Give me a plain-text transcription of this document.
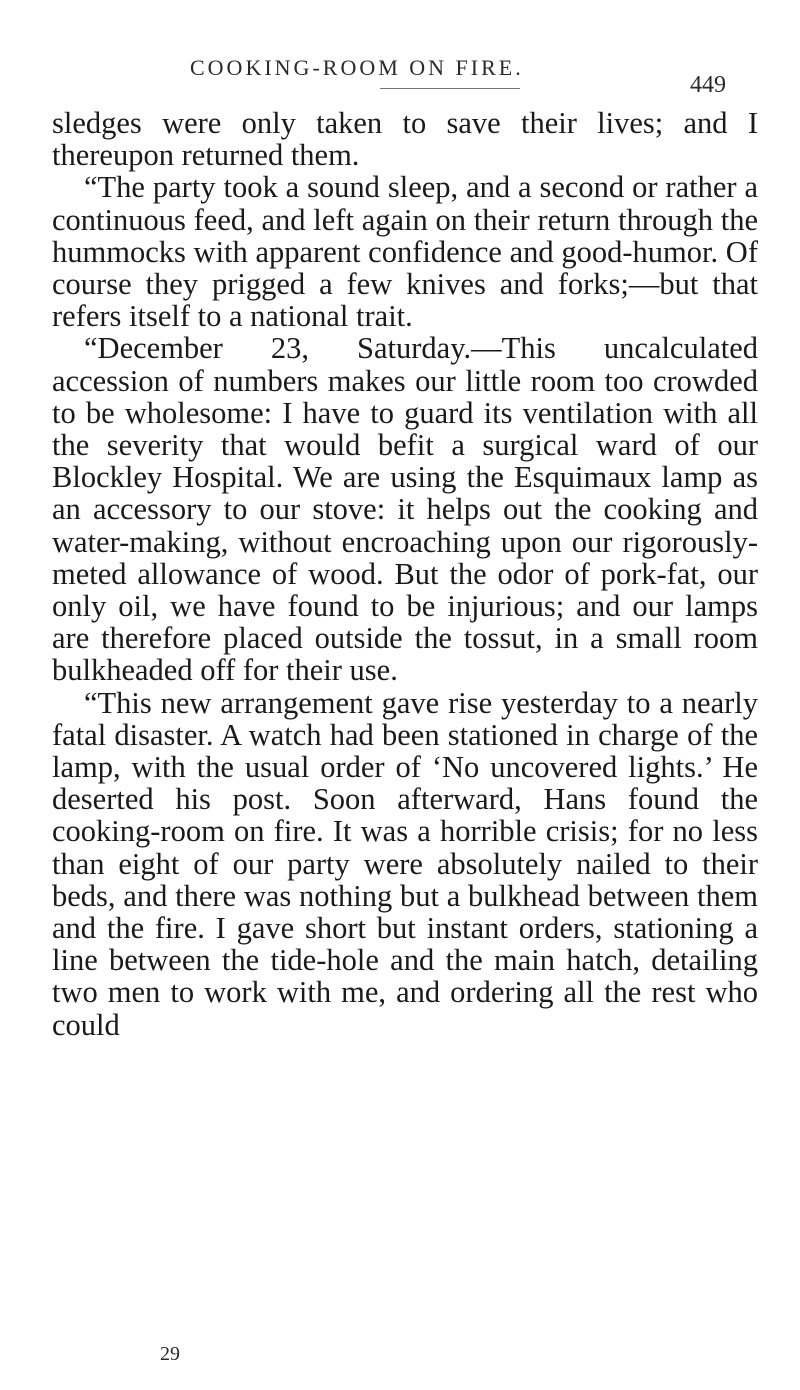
COOKING-ROOM ON FIRE.
449

sledges were only taken to save their lives; and I thereupon returned them.

“The party took a sound sleep, and a second or rather a continuous feed, and left again on their return through the hummocks with apparent confidence and good-humor. Of course they prigged a few knives and forks;—but that refers itself to a national trait.

“December 23, Saturday.—This uncalculated accession of numbers makes our little room too crowded to be wholesome: I have to guard its ventilation with all the severity that would befit a surgical ward of our Blockley Hospital. We are using the Esquimaux lamp as an accessory to our stove: it helps out the cooking and water-making, without encroaching upon our rigorously-meted allowance of wood. But the odor of pork-fat, our only oil, we have found to be injurious; and our lamps are therefore placed outside the tossut, in a small room bulkheaded off for their use.

“This new arrangement gave rise yesterday to a nearly fatal disaster. A watch had been stationed in charge of the lamp, with the usual order of ‘No uncovered lights.’ He deserted his post. Soon afterward, Hans found the cooking-room on fire. It was a horrible crisis; for no less than eight of our party were absolutely nailed to their beds, and there was nothing but a bulkhead between them and the fire. I gave short but instant orders, stationing a line between the tide-hole and the main hatch, detailing two men to work with me, and ordering all the rest who could

29
